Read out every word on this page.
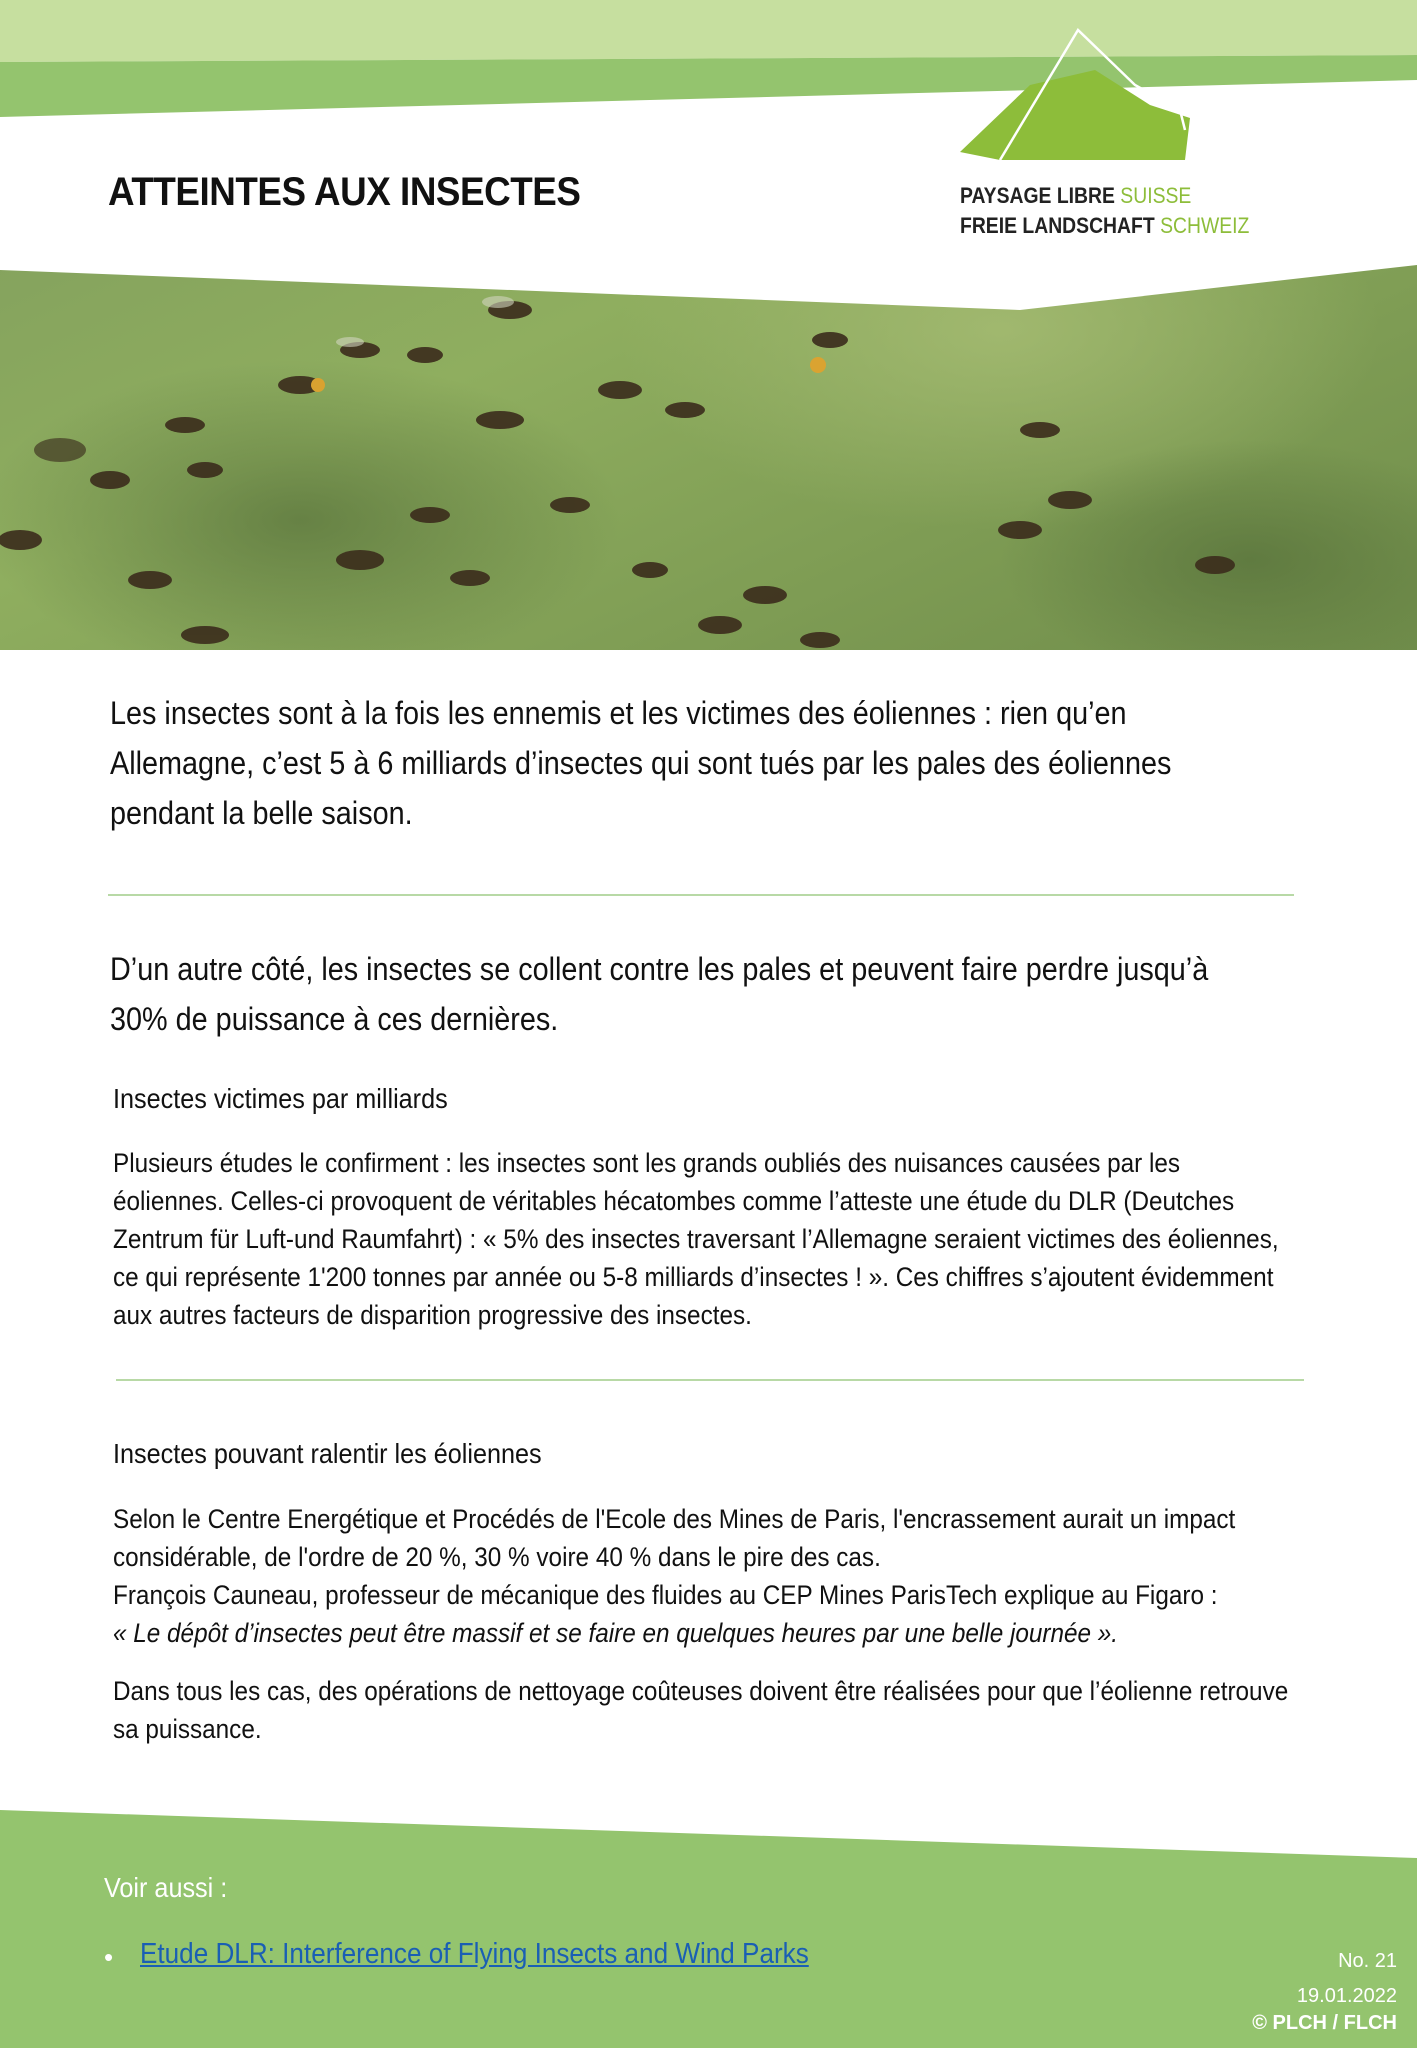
ATTEINTES AUX INSECTES	PAYSAGE LIBRE SUISSE
FREIE LANDSCHAFT SCHWEIZ
Les insectes sont à la fois les ennemis et les victimes des éoliennes : rien qu’en Allemagne, c’est 5 à 6 milliards d’insectes qui sont tués par les pales des éoliennes pendant la belle saison.
D’un autre côté, les insectes se collent contre les pales et peuvent faire perdre jusqu’à 30% de puissance à ces dernières.
Insectes victimes par milliards
Plusieurs études le confirment : les insectes sont les grands oubliés des nuisances causées par les éoliennes. Celles-ci provoquent de véritables hécatombes comme l’atteste une étude du DLR (Deutches Zentrum für Luft-und Raumfahrt) : « 5% des insectes traversant l’Allemagne seraient victimes des éoliennes, ce qui représente 1'200 tonnes par année ou 5-8 milliards d’insectes ! ». Ces chiffres s’ajoutent évidemment aux autres facteurs de disparition progressive des insectes.
Insectes pouvant ralentir les éoliennes

Selon le Centre Energétique et Procédés de l'Ecole des Mines de Paris, l'encrassement aurait un impact considérable, de l'ordre de 20 %, 30 % voire 40 % dans le pire des cas.

François Cauneau, professeur de mécanique des fluides au CEP Mines ParisTech explique au Figaro :

« Le dépôt d’insectes peut être massif et se faire en quelques heures par une belle journée ».

Dans tous les cas, des opérations de nettoyage coûteuses doivent être réalisées pour que l’éolienne retrouve sa puissance.

Voir aussi :
• Etude DLR: Interference of Flying Insects and Wind Parks	No. 21
19.01.2022
© PLCH / FLCH
